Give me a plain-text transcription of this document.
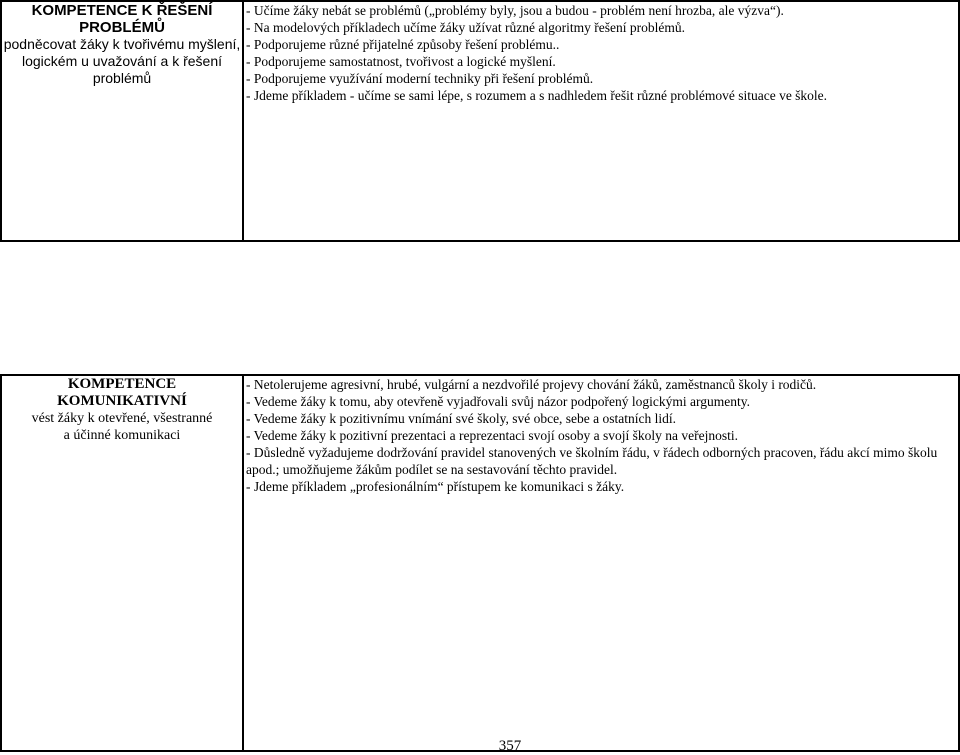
KOMPETENCE K ŘEŠENÍ
PROBLÉMŮ
podněcovat žáky k tvořivému myšlení, logickém u uvažování a k řešení problémů

- Učíme žáky nebát se problémů („problémy byly, jsou a budou - problém není hrozba, ale výzva“).
- Na modelových příkladech učíme žáky užívat různé algoritmy řešení problémů.
- Podporujeme různé přijatelné způsoby řešení problému..
- Podporujeme samostatnost, tvořivost a logické myšlení.
- Podporujeme využívání moderní techniky při řešení problémů.
- Jdeme příkladem - učíme se sami lépe, s rozumem a s nadhledem řešit různé problémové situace ve škole.
KOMPETENCE KOMUNIKATIVNÍ
vést žáky k otevřené, všestranné
a účinné komunikaci

- Netolerujeme agresivní, hrubé, vulgární a nezdvořilé projevy chování žáků, zaměstnanců školy i rodičů.
- Vedeme žáky k tomu, aby otevřeně vyjadřovali svůj názor podpořený logickými argumenty.
- Vedeme žáky k pozitivnímu vnímání své školy, své obce, sebe a ostatních lidí.
- Vedeme žáky k pozitivní prezentaci a reprezentaci svojí osoby a svojí školy na veřejnosti.
- Důsledně vyžadujeme dodržování pravidel stanovených ve školním řádu, v řádech odborných pracoven, řádu akcí mimo školu apod.; umožňujeme žákům podílet se na sestavování těchto pravidel.
- Jdeme příkladem „profesionálním“ přístupem ke komunikaci s žáky.
357
